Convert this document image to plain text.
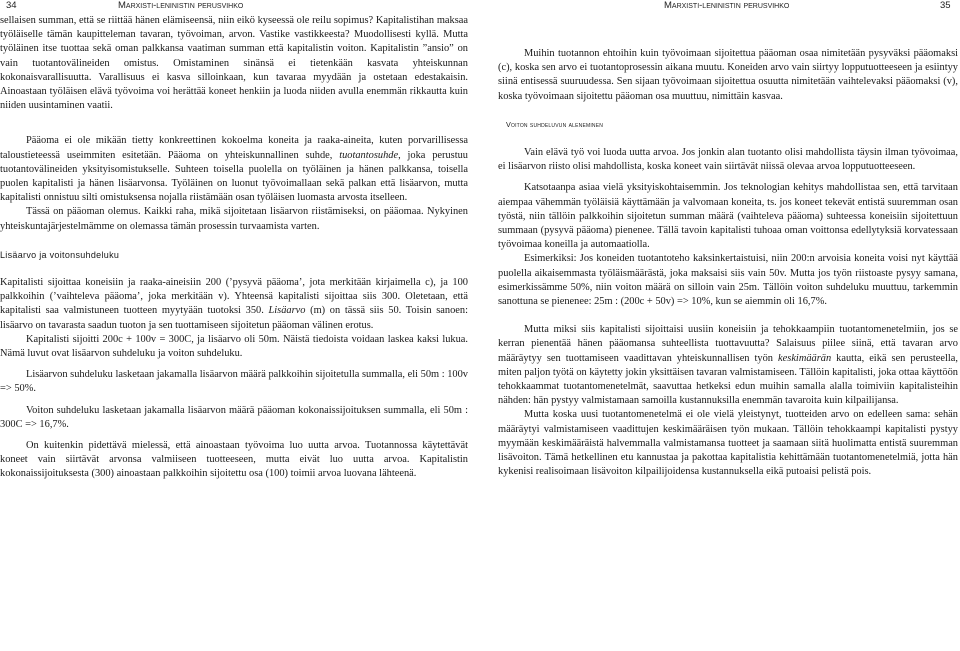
34	Marxisti-leninistin perusvihko	Marxisti-leninistin perusvihko	35

sellaisen summan, että se riittää hänen elämiseensä, niin eikö kyseessä ole reilu sopimus? Kapitalistihan maksaa työläiselle tämän kaupitteleman tavaran, työvoiman, arvon. Vastike vastikkeesta? Muodollisesti kyllä. Mutta työläinen itse tuottaa sekä oman palkkansa vaatiman summan että kapitalistin voiton. Kapitalistin ”ansio” on vain tuotantovälineiden omistus. Omistaminen sinänsä ei tietenkään kasvata yhteiskunnan kokonaisvarallisuutta. Varallisuus ei kasva silloinkaan, kun tavaraa myydään ja ostetaan edestakaisin. Ainoastaan työläisen elävä työvoima voi herättää koneet henkiin ja luoda niiden avulla enemmän rikkautta kuin niiden uusintaminen vaatii.

Pääoma ei ole mikään tietty konkreettinen kokoelma koneita ja raaka-aineita, kuten porvarillisessa taloustieteessä useimmiten esitetään. Pääoma on yhteiskunnallinen suhde, tuotantosuhde, joka perustuu tuotantovälineiden yksityisomistukselle. Suhteen toisella puolella on työläinen ja hänen palkkansa, toisella puolen kapitalisti ja hänen lisäarvonsa. Työläinen on luonut työvoimallaan sekä palkan että lisäarvon, mutta kapitalisti onnistuu silti omistuksensa nojalla riistämään osan työläisen luomasta arvosta itselleen.

Tässä on pääoman olemus. Kaikki raha, mikä sijoitetaan lisäarvon riistämiseksi, on pääomaa. Nykyinen yhteiskuntajärjestelmämme on olemassa tämän prosessin turvaamista varten.

Lisäarvo ja voitonsuhdeluku

Kapitalisti sijoittaa koneisiin ja raaka-aineisiin 200 (’pysyvä pääoma’, jota merkitään kirjaimella c), ja 100 palkkoihin (’vaihteleva pääoma’, joka merkitään v). Yhteensä kapitalisti sijoittaa siis 300. Oletetaan, että kapitalisti saa valmistuneen tuotteen myytyään tuotoksi 350. Lisäarvo (m) on tässä siis 50. Toisin sanoen: lisäarvo on tavarasta saadun tuoton ja sen tuottamiseen sijoitetun pääoman välinen erotus.

Kapitalisti sijoitti 200c + 100v = 300C, ja lisäarvo oli 50m. Näistä tiedoista voidaan laskea kaksi lukua. Nämä luvut ovat lisäarvon suhdeluku ja voiton suhdeluku.

Lisäarvon suhdeluku lasketaan jakamalla lisäarvon määrä palkkoihin sijoitetulla summalla, eli 50m : 100v => 50%.

Voiton suhdeluku lasketaan jakamalla lisäarvon määrä pääoman kokonaissijoituksen summalla, eli 50m : 300C => 16,7%.

On kuitenkin pidettävä mielessä, että ainoastaan työvoima luo uutta arvoa. Tuotannossa käytettävät koneet vain siirtävät arvonsa valmiiseen tuotteeseen, mutta eivät luo uutta arvoa. Kapitalistin kokonaissijoituksesta (300) ainoastaan palkkoihin sijoitettu osa (100) toimii arvoa luovana lähteenä.

Muihin tuotannon ehtoihin kuin työvoimaan sijoitettua pääoman osaa nimitetään pysyväksi pääomaksi (c), koska sen arvo ei tuotantoprosessin aikana muutu. Koneiden arvo vain siirtyy lopputuotteeseen ja esiintyy siinä entisessä suuruudessa. Sen sijaan työvoimaan sijoitettua osuutta nimitetään vaihtelevaksi pääomaksi (v), koska työvoimaan sijoitettu pääoman osa muuttuu, nimittäin kasvaa.

Voiton suhdeluvun aleneminen

Vain elävä työ voi luoda uutta arvoa. Jos jonkin alan tuotanto olisi mahdollista täysin ilman työvoimaa, ei lisäarvon riisto olisi mahdollista, koska koneet vain siirtävät niissä olevaa arvoa lopputuotteeseen.

Katsotaanpa asiaa vielä yksityiskohtaisemmin. Jos teknologian kehitys mahdollistaa sen, että tarvitaan aiempaa vähemmän työläisiä käyttämään ja valvomaan koneita, ts. jos koneet tekevät entistä suuremman osan työstä, niin tällöin palkkoihin sijoitetun summan määrä (vaihteleva pääoma) suhteessa koneisiin sijoitettuun summaan (pysyvä pääoma) pienenee. Tällä tavoin kapitalisti tuhoaa oman voittonsa edellytyksiä korvatessaan työvoimaa koneilla ja automaatiolla.

Esimerkiksi: Jos koneiden tuotantoteho kaksinkertaistuisi, niin 200:n arvoisia koneita voisi nyt käyttää puolella aikaisemmasta työläismäärästä, joka maksaisi siis vain 50v. Mutta jos työn riistoaste pysyy samana, esimerkissämme 50%, niin voiton määrä on silloin vain 25m. Tällöin voiton suhdeluku muuttuu, tarkemmin sanottuna se pienenee: 25m : (200c + 50v) => 10%, kun se aiemmin oli 16,7%.

Mutta miksi siis kapitalisti sijoittaisi uusiin koneisiin ja tehokkaampiin tuotantomenetelmiin, jos se kerran pienentää hänen pääomansa suhteellista tuottavuutta? Salaisuus piilee siinä, että tavaran arvo määräytyy sen tuottamiseen vaadittavan yhteiskunnallisen työn keskimäärän kautta, eikä sen perusteella, miten paljon työtä on käytetty jokin yksittäisen tavaran valmistamiseen. Tällöin kapitalisti, joka ottaa käyttöön tehokkaammat tuotantomenetelmät, saavuttaa hetkeksi edun muihin samalla alalla toimiviin kapitalisteihin nähden: hän pystyy valmistamaan samoilla kustannuksilla enemmän tavaroita kuin kilpailijansa.

Mutta koska uusi tuotantomenetelmä ei ole vielä yleistynyt, tuotteiden arvo on edelleen sama: sehän määräytyi valmistamiseen vaadittujen keskimääräisen työn mukaan. Tällöin tehokkaampi kapitalisti pystyy myymään keskimääräistä halvemmalla valmistamansa tuotteet ja saamaan siitä huolimatta entistä suuremman lisävoiton. Tämä hetkellinen etu kannustaa ja pakottaa kapitalistia kehittämään tuotantomenetelmiä, jotta hän kykenisi realisoimaan lisävoiton kilpailijoidensa kustannuksella eikä putoaisi pelistä pois.
